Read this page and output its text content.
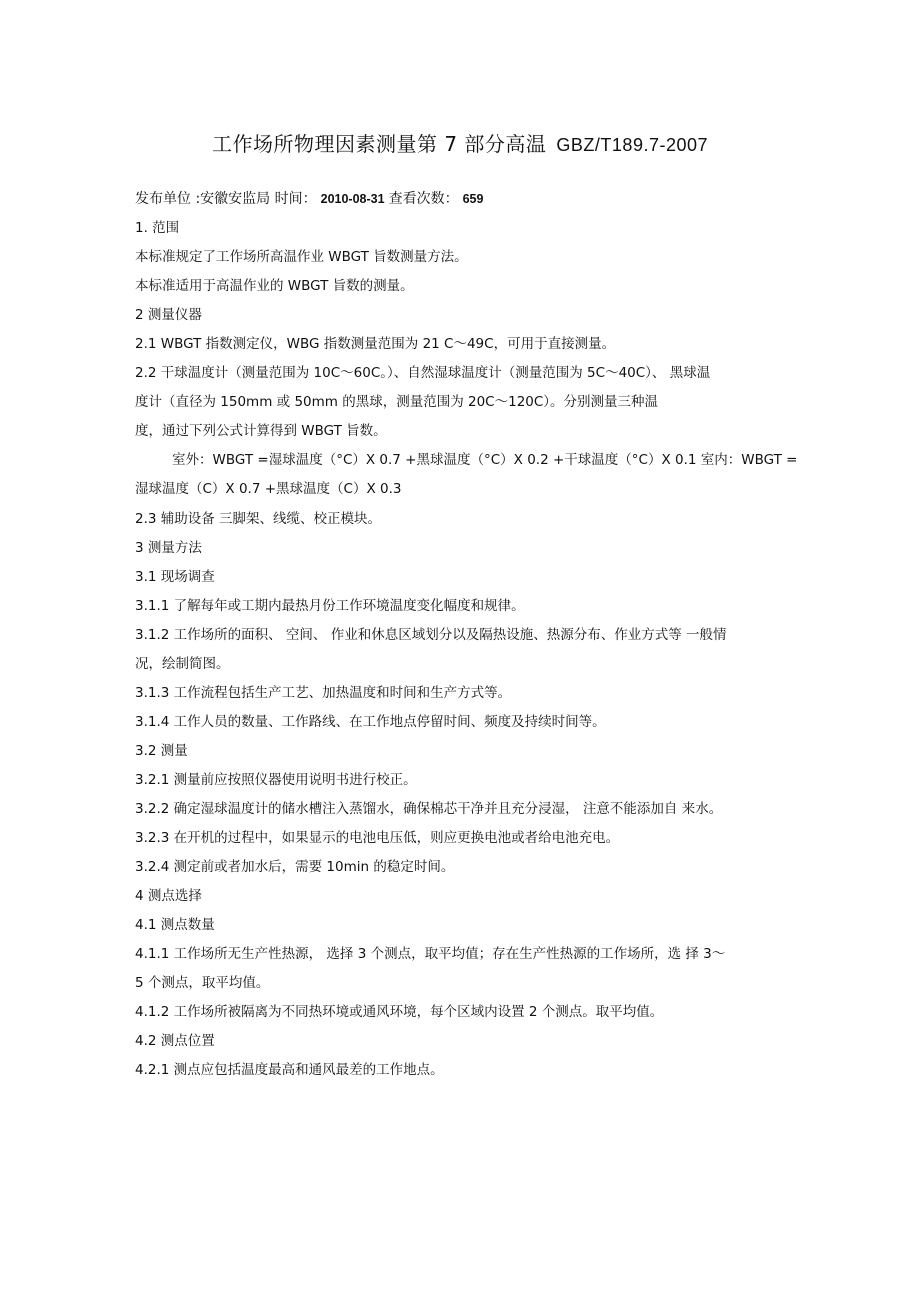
工作场所物理因素测量第 7 部分高温 GBZ/T189.7-2007
发布单位 :安徽安监局 时间： 2010-08-31 查看次数： 659
1. 范围
本标准规定了工作场所高温作业 WBGT 旨数测量方法。
本标准适用于高温作业的 WBGT 旨数的测量。
2 测量仪器
2.1 WBGT 指数测定仪，WBG 指数测量范围为 21 C〜49C，可用于直接测量。
2.2 干球温度计（测量范围为 10C〜60C。）、自然湿球温度计（测量范围为 5C〜40C）、 黑球温
度计（直径为 150mm 或 50mm 的黑球，测量范围为 20C〜120C）。分别测量三种温
度，通过下列公式计算得到 WBGT 旨数。
室外：WBGT =湿球温度（°C）X 0.7 +黑球温度（°C）X 0.2 +干球温度（°C）X 0.1 室内：WBGT =
湿球温度（C）X 0.7 +黑球温度（C）X 0.3
2.3 辅助设备 三脚架、线缆、校正模块。
3 测量方法
3.1 现场调查
3.1.1 了解每年或工期内最热月份工作环境温度变化幅度和规律。
3.1.2 工作场所的面积、 空间、 作业和休息区域划分以及隔热设施、热源分布、作业方式等 一般情
况，绘制简图。
3.1.3 工作流程包括生产工艺、加热温度和时间和生产方式等。
3.1.4 工作人员的数量、工作路线、在工作地点停留时间、频度及持续时间等。
3.2 测量
3.2.1 测量前应按照仪器使用说明书进行校正。
3.2.2 确定湿球温度计的储水槽注入蒸馏水，确保棉芯干净并且充分浸湿， 注意不能添加自 来水。
3.2.3 在开机的过程中，如果显示的电池电压低，则应更换电池或者给电池充电。
3.2.4 测定前或者加水后，需要 10min 的稳定时间。
4 测点选择
4.1 测点数量
4.1.1 工作场所无生产性热源， 选择 3 个测点，取平均值；存在生产性热源的工作场所，选 择 3〜
5 个测点，取平均值。
4.1.2 工作场所被隔离为不同热环境或通风环境，每个区域内设置 2 个测点。取平均值。
4.2 测点位置
4.2.1 测点应包括温度最高和通风最差的工作地点。
